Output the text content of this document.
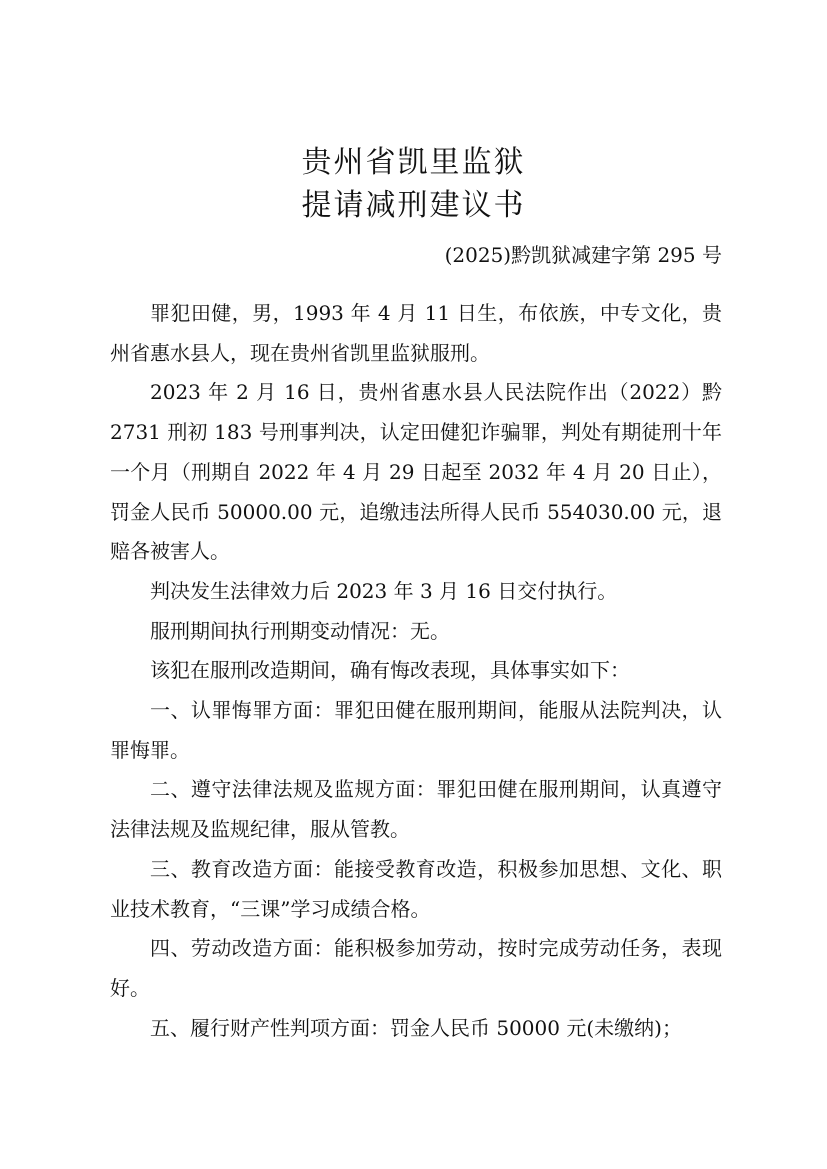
贵州省凯里监狱
提请减刑建议书
(2025)黔凯狱减建字第 295 号

罪犯田健，男，1993 年 4 月 11 日生，布依族，中专文化，贵州省惠水县人，现在贵州省凯里监狱服刑。

2023 年 2 月 16 日，贵州省惠水县人民法院作出（2022）黔 2731 刑初 183 号刑事判决，认定田健犯诈骗罪，判处有期徒刑十年一个月（刑期自 2022 年 4 月 29 日起至 2032 年 4 月 20 日止），罚金人民币 50000.00 元，追缴违法所得人民币 554030.00 元，退赔各被害人。

判决发生法律效力后 2023 年 3 月 16 日交付执行。

服刑期间执行刑期变动情况：无。

该犯在服刑改造期间，确有悔改表现，具体事实如下：

一、认罪悔罪方面：罪犯田健在服刑期间，能服从法院判决，认罪悔罪。

二、遵守法律法规及监规方面：罪犯田健在服刑期间，认真遵守法律法规及监规纪律，服从管教。

三、教育改造方面：能接受教育改造，积极参加思想、文化、职业技术教育，“三课”学习成绩合格。

四、劳动改造方面：能积极参加劳动，按时完成劳动任务，表现好。

五、履行财产性判项方面：罚金人民币 50000 元(未缴纳)；
